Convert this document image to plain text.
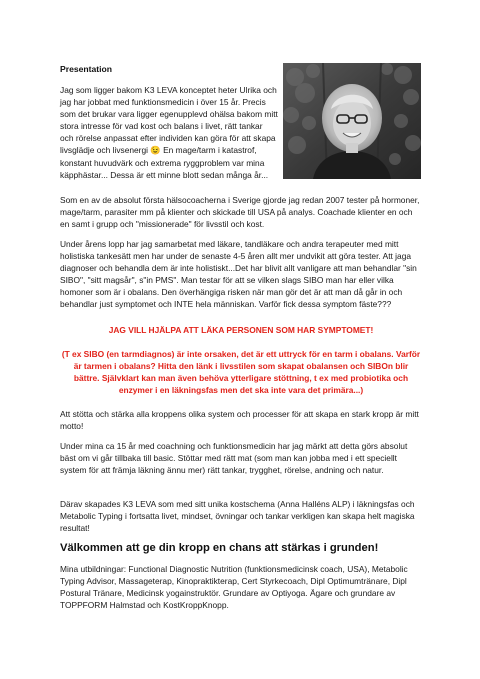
Presentation

Jag som ligger bakom K3 LEVA konceptet heter Ulrika och jag har jobbat med funktionsmedicin i över 15 år. Precis som det brukar vara ligger egenupplevd ohälsa bakom mitt stora intresse för vad kost och balans i livet, rätt tankar och rörelse anpassat efter individen kan göra för att skapa livsglädje och livsenergi 😉 En mage/tarm i katastrof, konstant huvudvärk och extrema ryggproblem var mina käpphästar... Dessa är ett minne blott sedan många år...

Som en av de absolut första hälsocoacherna i Sverige gjorde jag redan 2007 tester på hormoner, mage/tarm, parasiter mm på klienter och skickade till USA på analys. Coachade klienter en och en samt i grupp och "missionerade" för livsstil och kost.

Under årens lopp har jag samarbetat med läkare, tandläkare och andra terapeuter med mitt holistiska tankesätt men har under de senaste 4-5 åren allt mer undvikit att göra tester. Att jaga diagnoser och behandla dem är inte holistiskt...Det har blivit allt vanligare att man behandlar "sin SIBO", "sitt magsår", s"in PMS". Man testar för att se vilken slags SIBO man har eller vilka homoner som är i obalans. Den överhängiga risken när man gör det är att man då går in och behandlar just symptomet och INTE hela människan. Varför fick dessa symptom fäste???

JAG VILL HJÄLPA ATT LÄKA PERSONEN SOM HAR SYMPTOMET!

(T ex SIBO (en tarmdiagnos) är inte orsaken, det är ett uttryck för en tarm i obalans. Varför är tarmen i obalans? Hitta den länk i livsstilen som skapat obalansen och SIBOn blir bättre. Självklart kan man även behöva ytterligare stöttning, t ex med probiotika och enzymer i en läkningsfas men det ska inte vara det primära...)

Att stötta och stärka alla kroppens olika system och processer för att skapa en stark kropp är mitt motto!

Under mina ca 15 år med coachning och funktionsmedicin har jag märkt att detta görs absolut bäst om vi går tillbaka till basic. Stöttar med rätt mat (som man kan jobba med i ett speciellt system för att främja läkning ännu mer) rätt tankar, trygghet, rörelse, andning och natur.

Därav skapades K3 LEVA som med sitt unika kostschema (Anna Halléns ALP) i läkningsfas och Metabolic Typing i fortsatta livet, mindset, övningar och tankar verkligen kan skapa helt magiska resultat!

Välkommen att ge din kropp en chans att stärkas i grunden!

Mina utbildningar: Functional Diagnostic Nutrition (funktionsmedicinsk coach, USA), Metabolic Typing Advisor, Massageterap, Kinopraktikterap, Cert Styrkecoach, Dipl Optimumtränare, Dipl Postural Tränare, Medicinsk yogainstruktör. Grundare av Optiyoga. Ägare och grundare av TOPPFORM Halmstad och KostKroppKnopp.
